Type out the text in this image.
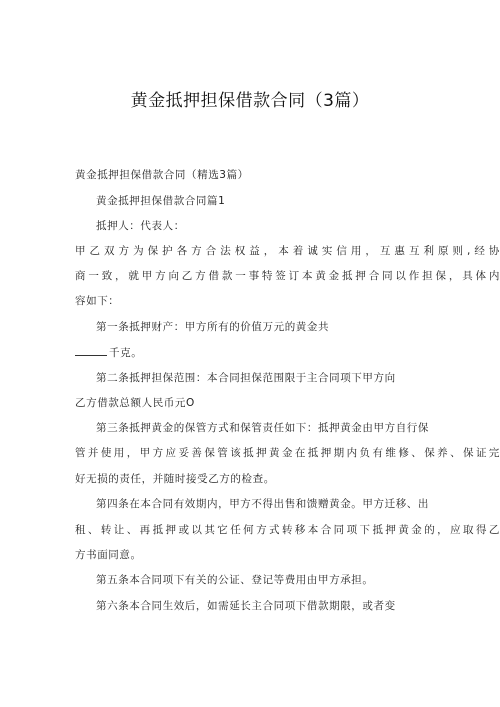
黄金抵押担保借款合同（3篇）
黄金抵押担保借款合同（精选3篇）
黄金抵押担保借款合同篇1
抵押人：代表人：
甲乙双方为保护各方合法权益，本着诚实信用，互惠互利原则,经协
商一致，就甲方向乙方借款一事特签订本黄金抵押合同以作担保，具体内
容如下：
第一条抵押财产：甲方所有的价值万元的黄金共
千克。
第二条抵押担保范围：本合同担保范围限于主合同项下甲方向
乙方借款总额人民币元O
第三条抵押黄金的保管方式和保管责任如下：抵押黄金由甲方自行保
管并使用，甲方应妥善保管该抵押黄金在抵押期内负有维修、保养、保证完
好无损的责任，并随时接受乙方的检查。
第四条在本合同有效期内，甲方不得出售和馈赠黄金。甲方迁移、出
租、转让、再抵押或以其它任何方式转移本合同项下抵押黄金的，应取得乙
方书面同意。
第五条本合同项下有关的公证、登记等费用由甲方承担。
第六条本合同生效后，如需延长主合同项下借款期限，或者变
